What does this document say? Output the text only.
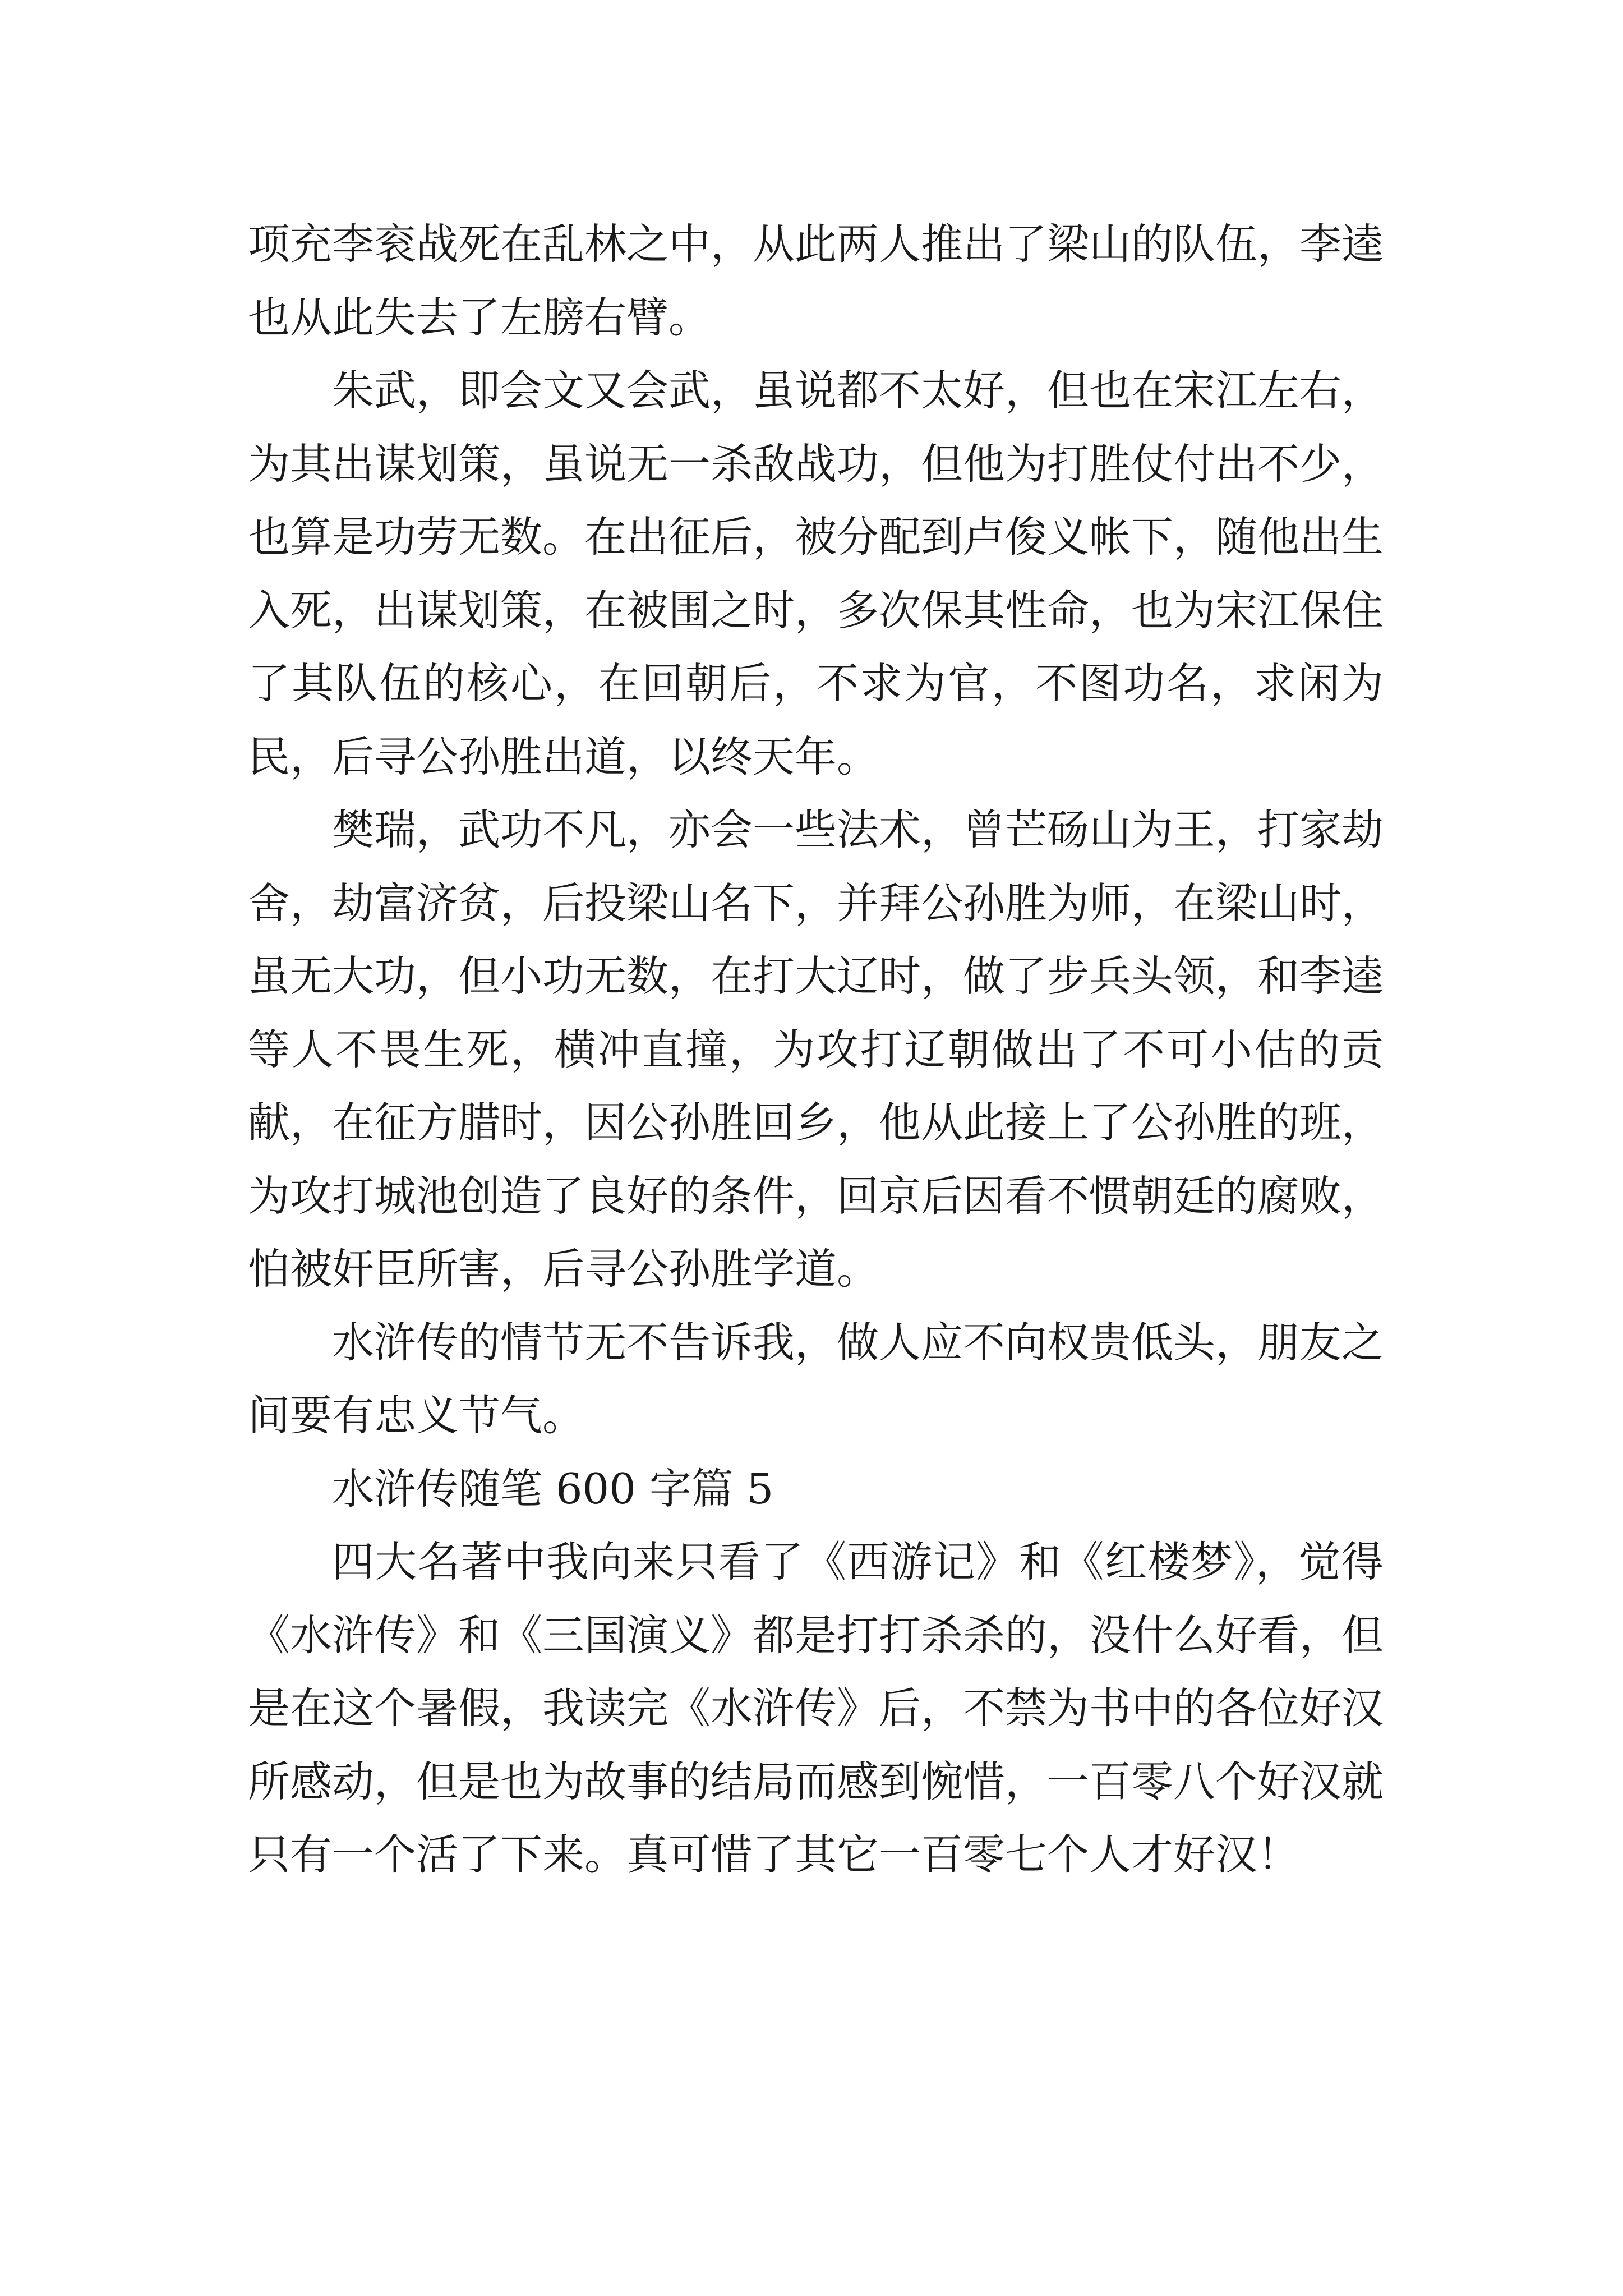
项充李衮战死在乱林之中，从此两人推出了梁山的队伍，李逵也从此失去了左膀右臂。

朱武，即会文又会武，虽说都不太好，但也在宋江左右，为其出谋划策，虽说无一杀敌战功，但他为打胜仗付出不少，也算是功劳无数。在出征后，被分配到卢俊义帐下，随他出生入死，出谋划策，在被围之时，多次保其性命，也为宋江保住了其队伍的核心，在回朝后，不求为官，不图功名，求闲为民，后寻公孙胜出道，以终天年。

樊瑞，武功不凡，亦会一些法术，曾芒砀山为王，打家劫舍，劫富济贫，后投梁山名下，并拜公孙胜为师，在梁山时，虽无大功，但小功无数，在打大辽时，做了步兵头领，和李逵等人不畏生死，横冲直撞，为攻打辽朝做出了不可小估的贡献，在征方腊时，因公孙胜回乡，他从此接上了公孙胜的班，为攻打城池创造了良好的条件，回京后因看不惯朝廷的腐败，怕被奸臣所害，后寻公孙胜学道。

水浒传的情节无不告诉我，做人应不向权贵低头，朋友之间要有忠义节气。

水浒传随笔 600 字篇 5

四大名著中我向来只看了《西游记》和《红楼梦》，觉得《水浒传》和《三国演义》都是打打杀杀的，没什么好看，但是在这个暑假，我读完《水浒传》后，不禁为书中的各位好汉所感动，但是也为故事的结局而感到惋惜，一百零八个好汉就只有一个活了下来。真可惜了其它一百零七个人才好汉！
